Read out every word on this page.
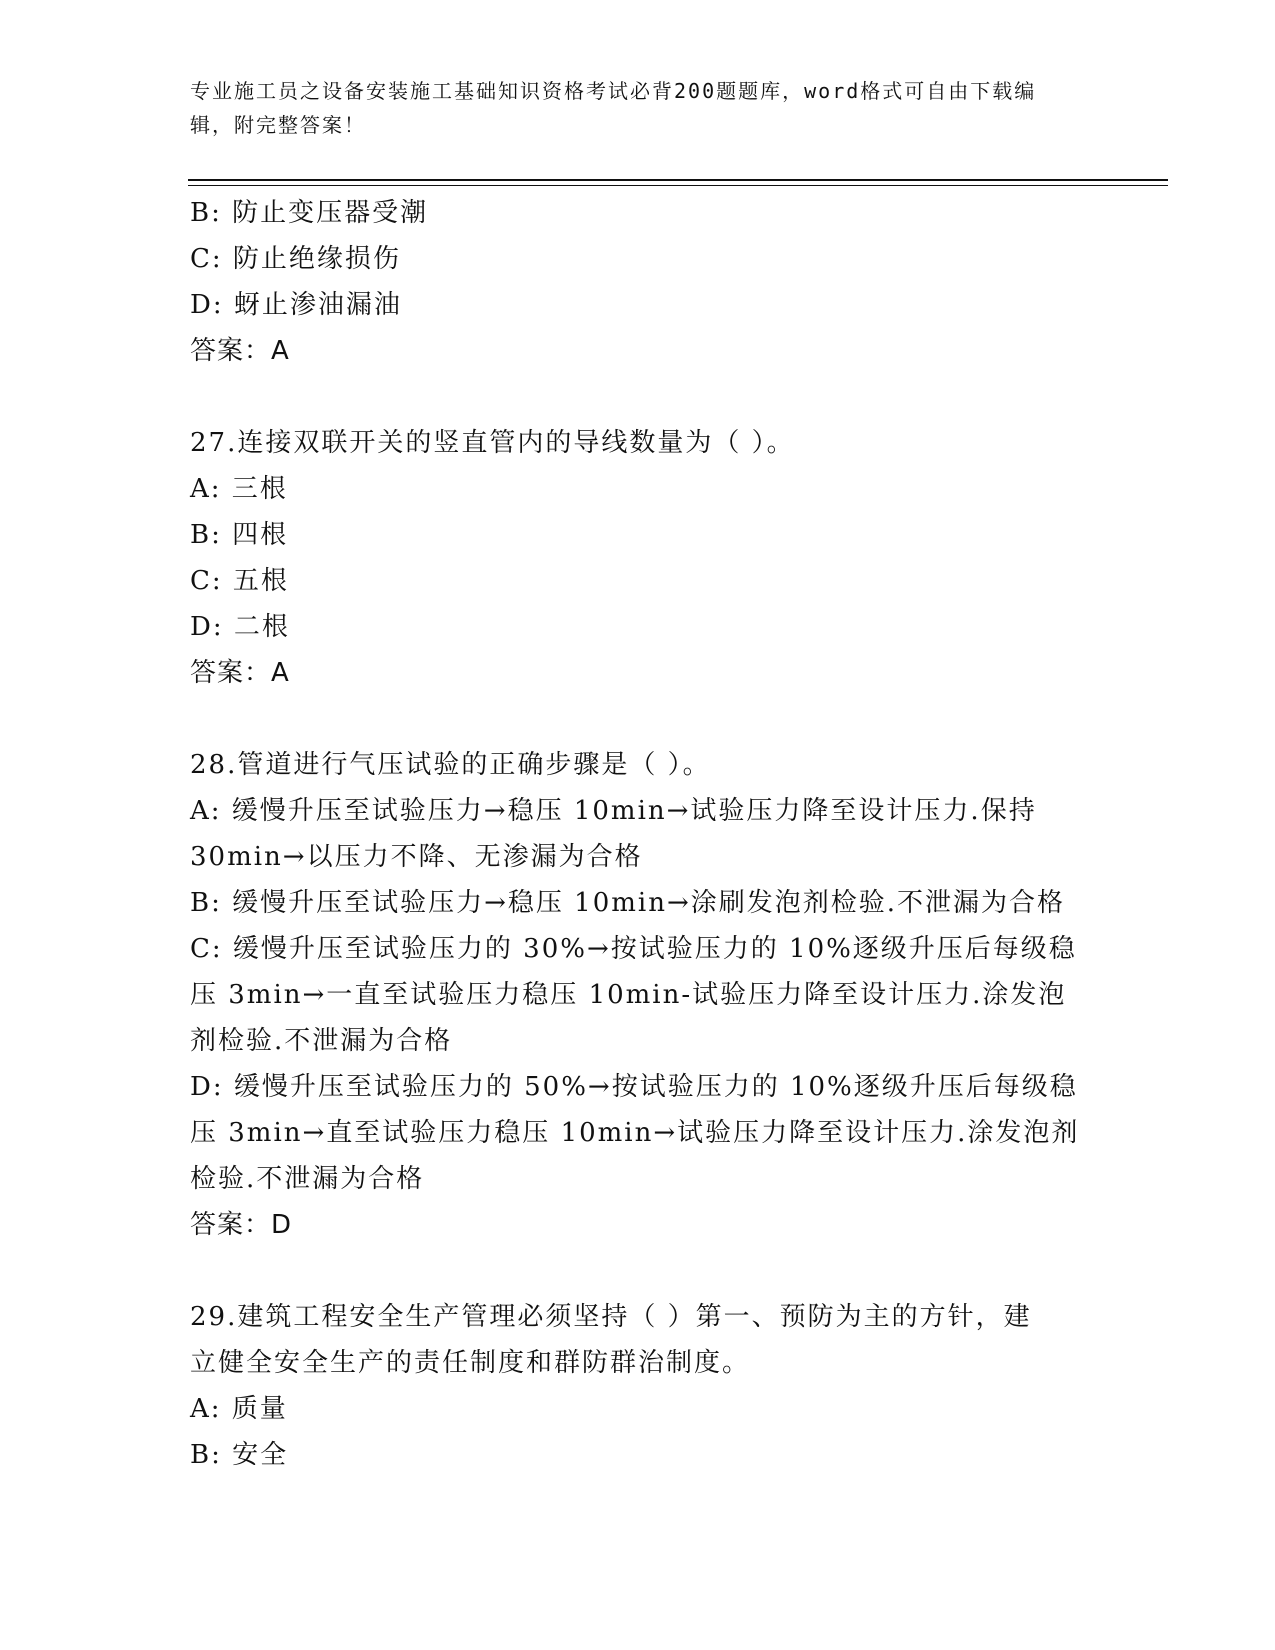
专业施工员之设备安装施工基础知识资格考试必背200题题库，word格式可自由下载编辑，附完整答案！

B: 防止变压器受潮

C: 防止绝缘损伤

D: 蚜止渗油漏油

答案：A

27.连接双联开关的竖直管内的导线数量为（ ）。

A: 三根

B: 四根

C: 五根

D: 二根

答案：A

28.管道进行气压试验的正确步骤是（ ）。

A: 缓慢升压至试验压力→稳压 10min→试验压力降至设计压力.保持

30min→以压力不降、无渗漏为合格

B: 缓慢升压至试验压力→稳压 10min→涂刷发泡剂检验.不泄漏为合格

C: 缓慢升压至试验压力的 30%→按试验压力的 10%逐级升压后每级稳

压 3min→一直至试验压力稳压 10min-试验压力降至设计压力.涂发泡

剂检验.不泄漏为合格

D: 缓慢升压至试验压力的 50%→按试验压力的 10%逐级升压后每级稳

压 3min→直至试验压力稳压 10min→试验压力降至设计压力.涂发泡剂

检验.不泄漏为合格

答案：D

29.建筑工程安全生产管理必须坚持（ ）第一、预防为主的方针，建

立健全安全生产的责任制度和群防群治制度。

A: 质量

B: 安全
